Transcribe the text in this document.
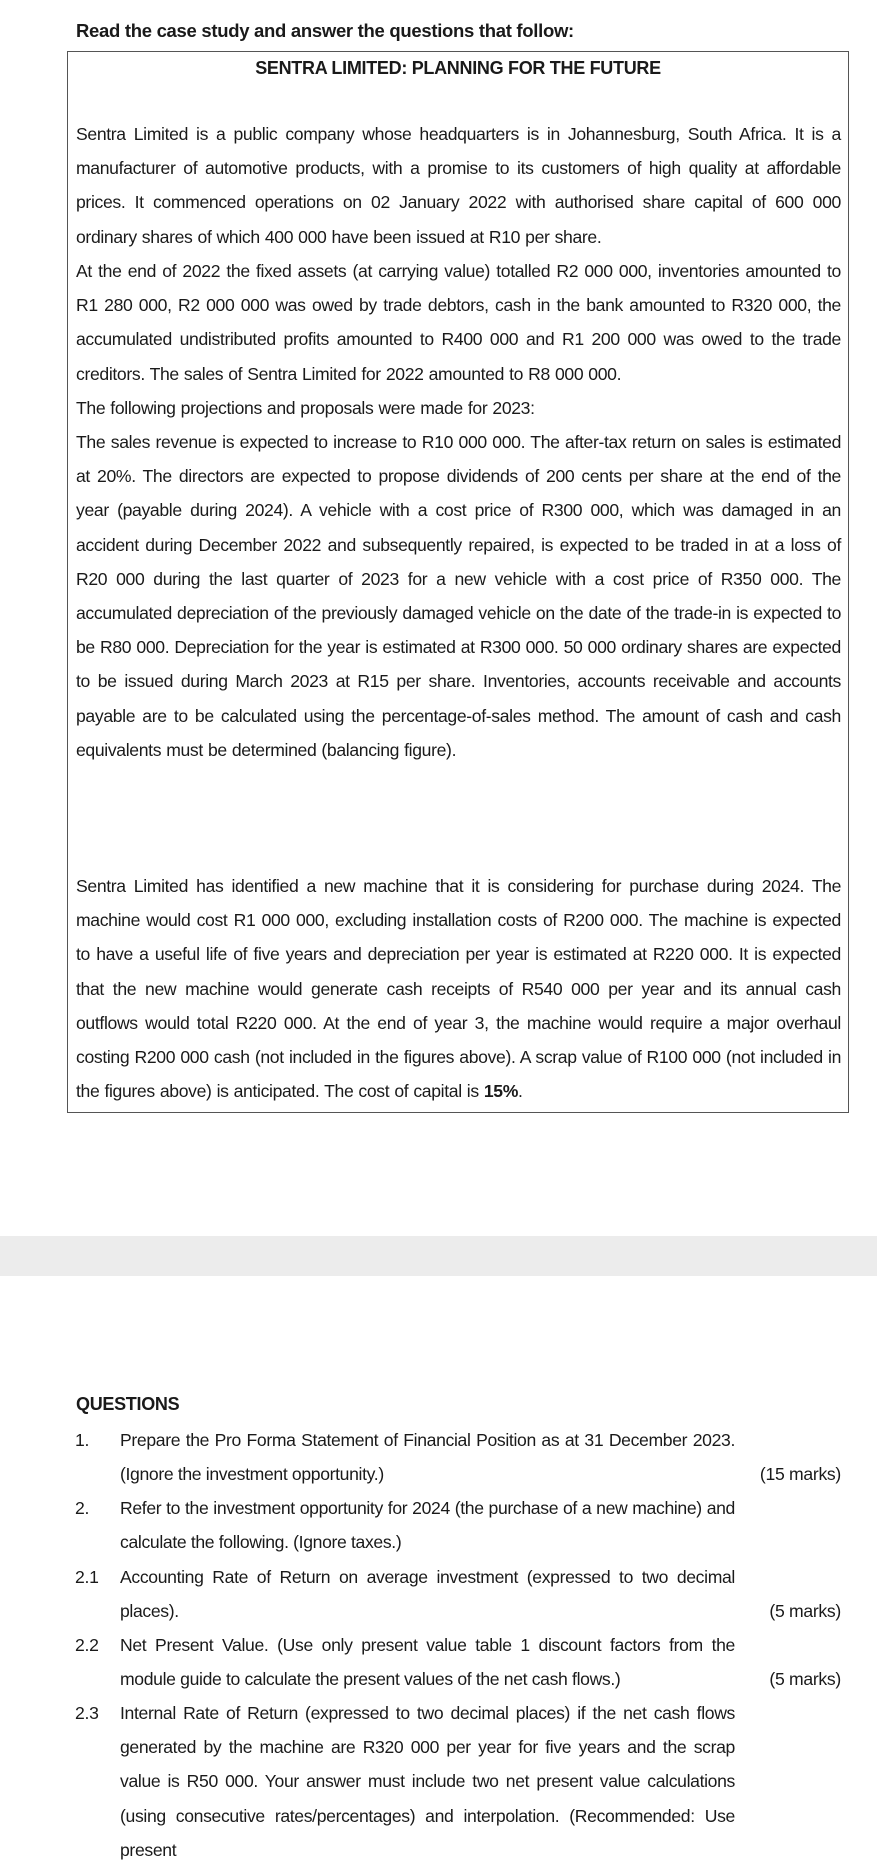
Read the case study and answer the questions that follow:
SENTRA LIMITED: PLANNING FOR THE FUTURE
Sentra Limited is a public company whose headquarters is in Johannesburg, South Africa. It is a manufacturer of automotive products, with a promise to its customers of high quality at affordable prices. It commenced operations on 02 January 2022 with authorised share capital of 600 000 ordinary shares of which 400 000 have been issued at R10 per share.
At the end of 2022 the fixed assets (at carrying value) totalled R2 000 000, inventories amounted to R1 280 000, R2 000 000 was owed by trade debtors, cash in the bank amounted to R320 000, the accumulated undistributed profits amounted to R400 000 and R1 200 000 was owed to the trade creditors. The sales of Sentra Limited for 2022 amounted to R8 000 000.
The following projections and proposals were made for 2023:
The sales revenue is expected to increase to R10 000 000. The after-tax return on sales is estimated at 20%. The directors are expected to propose dividends of 200 cents per share at the end of the year (payable during 2024). A vehicle with a cost price of R300 000, which was damaged in an accident during December 2022 and subsequently repaired, is expected to be traded in at a loss of R20 000 during the last quarter of 2023 for a new vehicle with a cost price of R350 000. The accumulated depreciation of the previously damaged vehicle on the date of the trade-in is expected to be R80 000. Depreciation for the year is estimated at R300 000. 50 000 ordinary shares are expected to be issued during March 2023 at R15 per share. Inventories, accounts receivable and accounts payable are to be calculated using the percentage-of-sales method. The amount of cash and cash equivalents must be determined (balancing figure).
Sentra Limited has identified a new machine that it is considering for purchase during 2024. The machine would cost R1 000 000, excluding installation costs of R200 000. The machine is expected to have a useful life of five years and depreciation per year is estimated at R220 000. It is expected that the new machine would generate cash receipts of R540 000 per year and its annual cash outflows would total R220 000. At the end of year 3, the machine would require a major overhaul costing R200 000 cash (not included in the figures above). A scrap value of R100 000 (not included in the figures above) is anticipated. The cost of capital is 15%.
QUESTIONS
1.	Prepare the Pro Forma Statement of Financial Position as at 31 December 2023. (Ignore the investment opportunity.)	(15 marks)
2.	Refer to the investment opportunity for 2024 (the purchase of a new machine) and calculate the following. (Ignore taxes.)
2.1	Accounting Rate of Return on average investment (expressed to two decimal places).	(5 marks)
2.2	Net Present Value. (Use only present value table 1 discount factors from the module guide to calculate the present values of the net cash flows.)	(5 marks)
2.3	Internal Rate of Return (expressed to two decimal places) if the net cash flows generated by the machine are R320 000 per year for five years and the scrap value is R50 000. Your answer must include two net present value calculations (using consecutive rates/percentages) and interpolation. (Recommended: Use present
